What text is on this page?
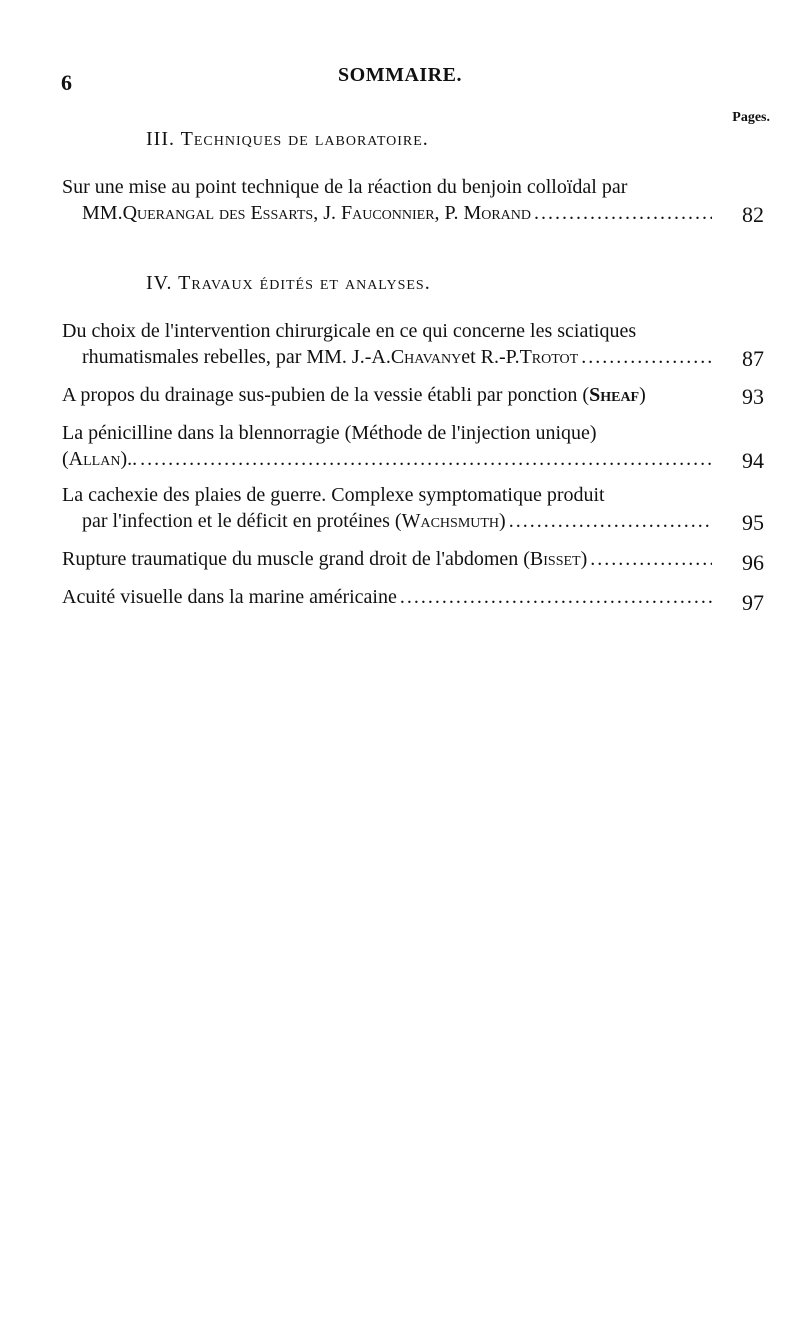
6	SOMMAIRE.
Pages.
III. Techniques de laboratoire.
Sur une mise au point technique de la réaction du benjoin colloïdal par
MM. Querangal des Essarts, J. Fauconnier, P. Morand .....	82
IV. Travaux édités et analyses.
Du choix de l'intervention chirurgicale en ce qui concerne les sciatiques
rhumatismales rebelles, par MM. J.-A. Chavany et R.-P. Trotot .....	87
A propos du drainage sus-pubien de la vessie établi par ponction ( Sheaf )	93
La pénicilline dans la blennorragie (Méthode de l'injection unique)
( Allan ).. .....	94
La cachexie des plaies de guerre. Complexe symptomatique produit
par l'infection et le déficit en protéines ( Wachsmuth ) .....	95
Rupture traumatique du muscle grand droit de l'abdomen ( Bisset ) .....	96
Acuité visuelle dans la marine américaine .....	97
